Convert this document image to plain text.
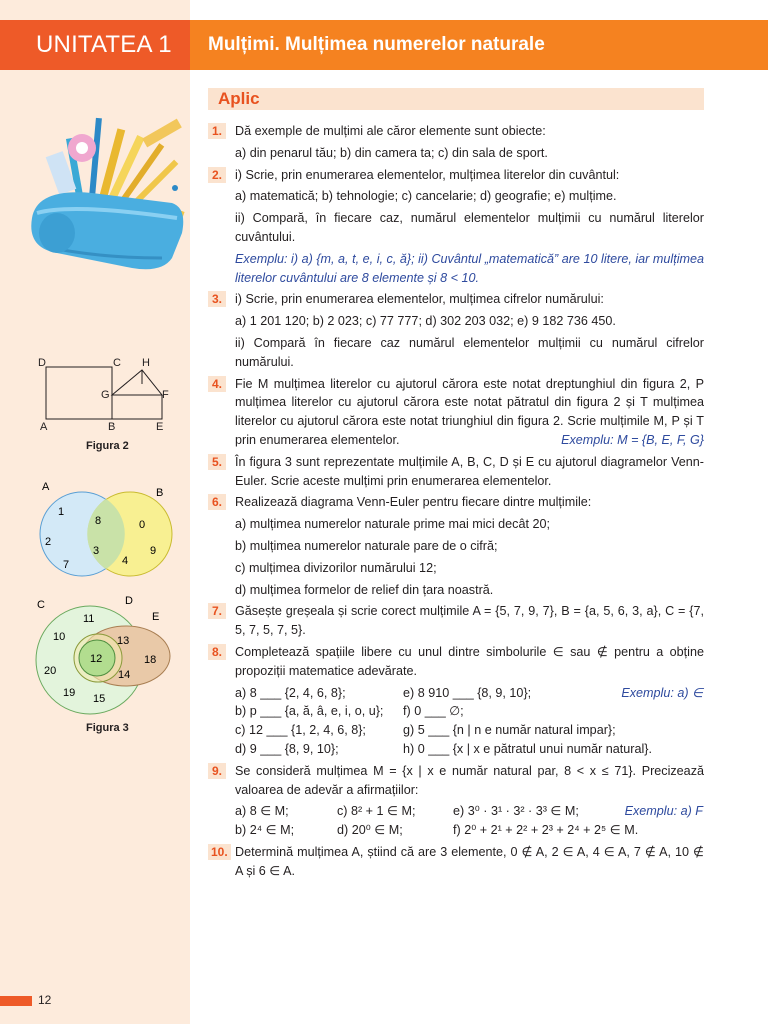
UNITATEA 1	Mulțimi. Mulțimea numerelor naturale
D	C H
G	F
A	B	E
Figura 2
A	B
1
2
7
8
3
4
0
9
C	D
E
11
10	13
12	18
14
20
19 15
Figura 3
Aplic
1.	Dă exemple de mulțimi ale căror elemente sunt obiecte:

a) din penarul tău; b) din camera ta; c) din sala de sport.

2.	i) Scrie, prin enumerarea elementelor, mulțimea literelor din cuvântul:

a) matematică; b) tehnologie; c) cancelarie; d) geografie; e) mulțime.

ii) Compară, în fiecare caz, numărul elementelor mulțimii cu numărul literelor cuvântului.

Exemplu: i) a) {m, a, t, e, i, c, ă}; ii) Cuvântul „matematică” are 10 litere, iar mulțimea literelor cuvântului are 8 elemente și 8 < 10.

3.	i) Scrie, prin enumerarea elementelor, mulțimea cifrelor numărului:

a) 1 201 120; b) 2 023; c) 77 777; d) 302 203 032; e) 9 182 736 450.

ii) Compară în fiecare caz numărul elementelor mulțimii cu numărul cifrelor numărului.

4.	Fie M mulțimea literelor cu ajutorul cărora este notat dreptunghiul din figura 2, P mulțimea literelor cu ajutorul cărora este notat pătratul din figura 2 și T mulțimea literelor cu ajutorul cărora este notat triunghiul din figura 2. Scrie mulțimile M, P și T prin enumerarea elementelor.	Exemplu: M = {B, E, F, G}

5.	În figura 3 sunt reprezentate mulțimile A, B, C, D și E cu ajutorul diagramelor Venn-Euler. Scrie aceste mulțimi prin enumerarea elementelor.

6.	Realizează diagrama Venn-Euler pentru fiecare dintre mulțimile:

a) mulțimea numerelor naturale prime mai mici decât 20;

b) mulțimea numerelor naturale pare de o cifră;

c) mulțimea divizorilor numărului 12;

d) mulțimea formelor de relief din țara noastră.

7.	Găsește greșeala și scrie corect mulțimile A = {5, 7, 9, 7}, B = {a, 5, 6, 3, a}, C = {7, 5, 7, 5, 7, 5}.

8.	Completează spațiile libere cu unul dintre simbolurile ∈ sau ∉ pentru a obține propoziții matematice adevărate.

a) 8 ___ {2, 4, 6, 8};	e) 8 910 ___ {8, 9, 10};	Exemplu: a) ∈
b) p ___ {a, ă, â, e, i, o, u};	f) 0 ___ ∅;
c) 12 ___ {1, 2, 4, 6, 8};	g) 5 ___ {n | n e număr natural impar};
d) 9 ___ {8, 9, 10};	h) 0 ___ {x | x e pătratul unui număr natural}.
9.	Se consideră mulțimea M = {x | x e număr natural par, 8 < x ≤ 71}. Precizează valoarea de adevăr a afirmațiilor:

a) 8 ∈ M;	c) 8² + 1 ∈ M;	e) 3⁰ · 3¹ · 3² · 3³ ∈ M;	Exemplu: a) F
b) 2⁴ ∈ M;	d) 20⁰ ∈ M;	f) 2⁰ + 2¹ + 2² + 2³ + 2⁴ + 2⁵ ∈ M.
10. Determină mulțimea A, știind că are 3 elemente, 0 ∉ A, 2 ∈ A, 4 ∈ A, 7 ∉ A, 10 ∉ A și 6 ∈ A.

12
